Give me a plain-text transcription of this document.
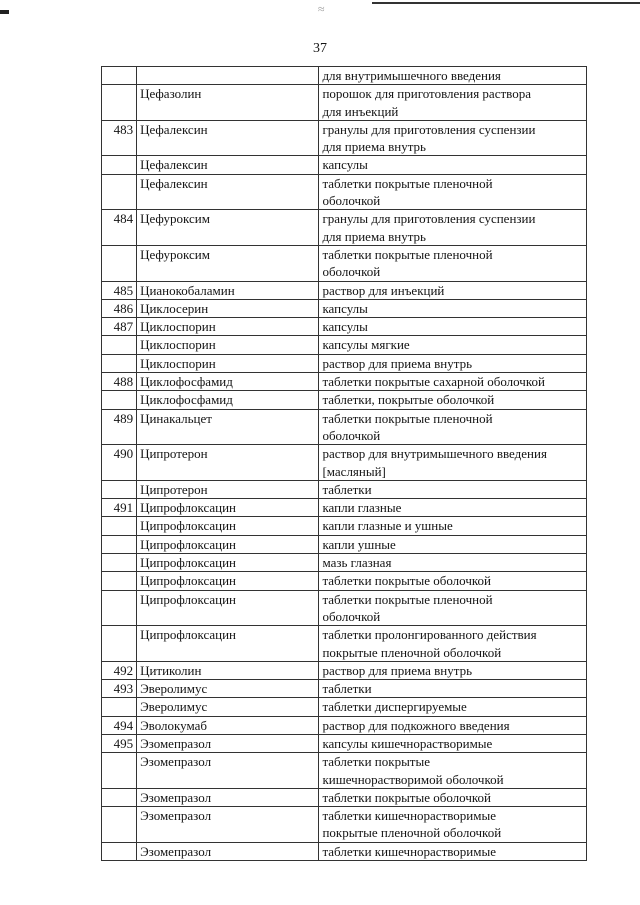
≈
37

		для внутримышечного введения

	Цефазолин	порошок для приготовления раствора
для инъекций

483	Цефалексин	гранулы для приготовления суспензии
для приема внутрь

	Цефалексин	капсулы

	Цефалексин	таблетки покрытые пленочной
оболочкой

484	Цефуроксим	гранулы для приготовления суспензии
для приема внутрь

	Цефуроксим	таблетки покрытые пленочной
оболочкой

485	Цианокобаламин	раствор для инъекций

486	Циклосерин	капсулы

487	Циклоспорин	капсулы

	Циклоспорин	капсулы мягкие

	Циклоспорин	раствор для приема внутрь

488	Циклофосфамид	таблетки покрытые сахарной оболочкой

	Циклофосфамид	таблетки, покрытые оболочкой

489	Цинакальцет	таблетки покрытые пленочной
оболочкой

490	Ципротерон	раствор для внутримышечного введения
[масляный]

	Ципротерон	таблетки

491	Ципрофлоксацин	капли глазные

	Ципрофлоксацин	капли глазные и ушные

	Ципрофлоксацин	капли ушные

	Ципрофлоксацин	мазь глазная

	Ципрофлоксацин	таблетки покрытые оболочкой

	Ципрофлоксацин	таблетки покрытые пленочной
оболочкой

	Ципрофлоксацин	таблетки пролонгированного действия
покрытые пленочной оболочкой

492	Цитиколин	раствор для приема внутрь

493	Эверолимус	таблетки

	Эверолимус	таблетки диспергируемые

494	Эволокумаб	раствор для подкожного введения

495	Эзомепразол	капсулы кишечнорастворимые

	Эзомепразол	таблетки покрытые
кишечнорастворимой оболочкой

	Эзомепразол	таблетки покрытые оболочкой

	Эзомепразол	таблетки кишечнорастворимые
покрытые пленочной оболочкой

	Эзомепразол	таблетки кишечнорастворимые
